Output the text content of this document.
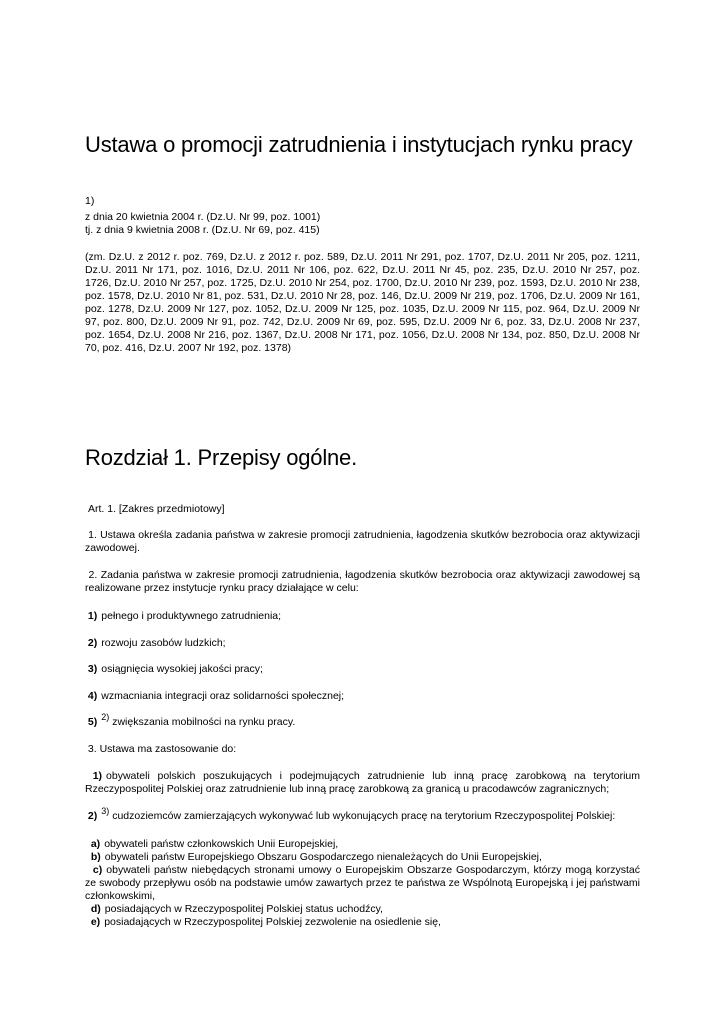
Ustawa o promocji zatrudnienia i instytucjach rynku pracy
1)
z dnia 20 kwietnia 2004 r. (Dz.U. Nr 99, poz. 1001)
tj. z dnia 9 kwietnia 2008 r. (Dz.U. Nr 69, poz. 415)
(zm. Dz.U. z 2012 r. poz. 769, Dz.U. z 2012 r. poz. 589, Dz.U. 2011 Nr 291, poz. 1707, Dz.U. 2011 Nr 205, poz. 1211, Dz.U. 2011 Nr 171, poz. 1016, Dz.U. 2011 Nr 106, poz. 622, Dz.U. 2011 Nr 45, poz. 235, Dz.U. 2010 Nr 257, poz. 1726, Dz.U. 2010 Nr 257, poz. 1725, Dz.U. 2010 Nr 254, poz. 1700, Dz.U. 2010 Nr 239, poz. 1593, Dz.U. 2010 Nr 238, poz. 1578, Dz.U. 2010 Nr 81, poz. 531, Dz.U. 2010 Nr 28, poz. 146, Dz.U. 2009 Nr 219, poz. 1706, Dz.U. 2009 Nr 161, poz. 1278, Dz.U. 2009 Nr 127, poz. 1052, Dz.U. 2009 Nr 125, poz. 1035, Dz.U. 2009 Nr 115, poz. 964, Dz.U. 2009 Nr 97, poz. 800, Dz.U. 2009 Nr 91, poz. 742, Dz.U. 2009 Nr 69, poz. 595, Dz.U. 2009 Nr 6, poz. 33, Dz.U. 2008 Nr 237, poz. 1654, Dz.U. 2008 Nr 216, poz. 1367, Dz.U. 2008 Nr 171, poz. 1056, Dz.U. 2008 Nr 134, poz. 850, Dz.U. 2008 Nr 70, poz. 416, Dz.U. 2007 Nr 192, poz. 1378)
Rozdział 1. Przepisy ogólne.
Art. 1. [Zakres przedmiotowy]
1. Ustawa określa zadania państwa w zakresie promocji zatrudnienia, łagodzenia skutków bezrobocia oraz aktywizacji zawodowej.
2. Zadania państwa w zakresie promocji zatrudnienia, łagodzenia skutków bezrobocia oraz aktywizacji zawodowej są realizowane przez instytucje rynku pracy działające w celu:
1) pełnego i produktywnego zatrudnienia;
2) rozwoju zasobów ludzkich;
3) osiągnięcia wysokiej jakości pracy;
4) wzmacniania integracji oraz solidarności społecznej;
5) $^{2)}$ zwiększania mobilności na rynku pracy.
3. Ustawa ma zastosowanie do:
1) obywateli polskich poszukujących i podejmujących zatrudnienie lub inną pracę zarobkową na terytorium Rzeczypospolitej Polskiej oraz zatrudnienie lub inną pracę zarobkową za granicą u pracodawców zagranicznych;
2) $^{3)}$ cudzoziemców zamierzających wykonywać lub wykonujących pracę na terytorium Rzeczypospolitej Polskiej:
a) obywateli państw członkowskich Unii Europejskiej,
b) obywateli państw Europejskiego Obszaru Gospodarczego nienależących do Unii Europejskiej,
c) obywateli państw niebędących stronami umowy o Europejskim Obszarze Gospodarczym, którzy mogą korzystać ze swobody przepływu osób na podstawie umów zawartych przez te państwa ze Wspólnotą Europejską i jej państwami członkowskimi,
d) posiadających w Rzeczypospolitej Polskiej status uchodźcy,
e) posiadających w Rzeczypospolitej Polskiej zezwolenie na osiedlenie się,
